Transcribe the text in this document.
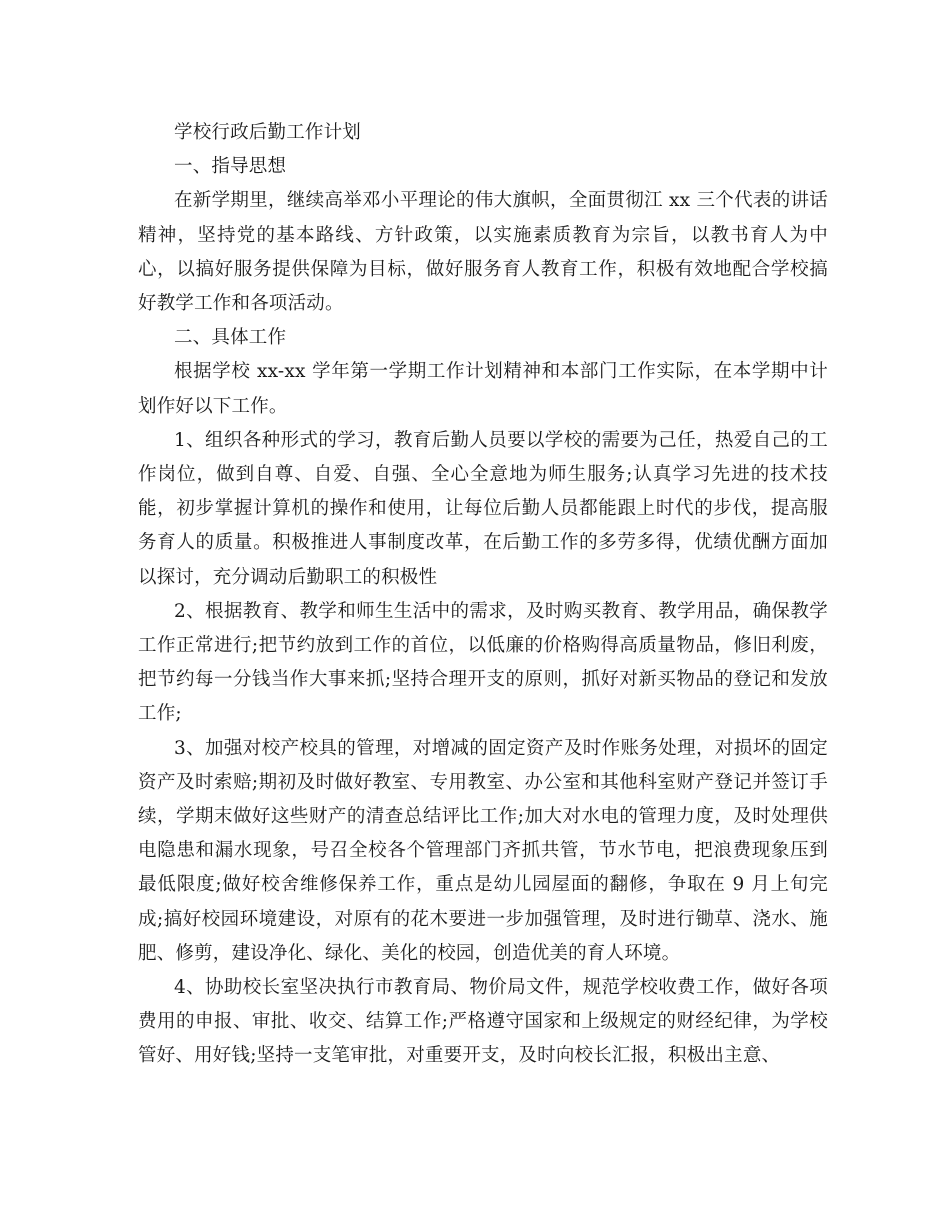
学校行政后勤工作计划

一、指导思想

在新学期里，继续高举邓小平理论的伟大旗帜，全面贯彻江 xx 三个代表的讲话精神，坚持党的基本路线、方针政策，以实施素质教育为宗旨，以教书育人为中心，以搞好服务提供保障为目标，做好服务育人教育工作，积极有效地配合学校搞好教学工作和各项活动。

二、具体工作

根据学校 xx-xx 学年第一学期工作计划精神和本部门工作实际，在本学期中计划作好以下工作。

1、组织各种形式的学习，教育后勤人员要以学校的需要为己任，热爱自己的工作岗位，做到自尊、自爱、自强、全心全意地为师生服务;认真学习先进的技术技能，初步掌握计算机的操作和使用，让每位后勤人员都能跟上时代的步伐，提高服务育人的质量。积极推进人事制度改革，在后勤工作的多劳多得，优绩优酬方面加以探讨，充分调动后勤职工的积极性

2、根据教育、教学和师生生活中的需求，及时购买教育、教学用品，确保教学工作正常进行;把节约放到工作的首位，以低廉的价格购得高质量物品，修旧利废，把节约每一分钱当作大事来抓;坚持合理开支的原则，抓好对新买物品的登记和发放工作;

3、加强对校产校具的管理，对增减的固定资产及时作账务处理，对损坏的固定资产及时索赔;期初及时做好教室、专用教室、办公室和其他科室财产登记并签订手续，学期末做好这些财产的清查总结评比工作;加大对水电的管理力度，及时处理供电隐患和漏水现象，号召全校各个管理部门齐抓共管，节水节电，把浪费现象压到最低限度;做好校舍维修保养工作，重点是幼儿园屋面的翻修，争取在 9 月上旬完成;搞好校园环境建设，对原有的花木要进一步加强管理，及时进行锄草、浇水、施肥、修剪，建设净化、绿化、美化的校园，创造优美的育人环境。

4、协助校长室坚决执行市教育局、物价局文件，规范学校收费工作，做好各项费用的申报、审批、收交、结算工作;严格遵守国家和上级规定的财经纪律，为学校管好、用好钱;坚持一支笔审批，对重要开支，及时向校长汇报，积极出主意、
